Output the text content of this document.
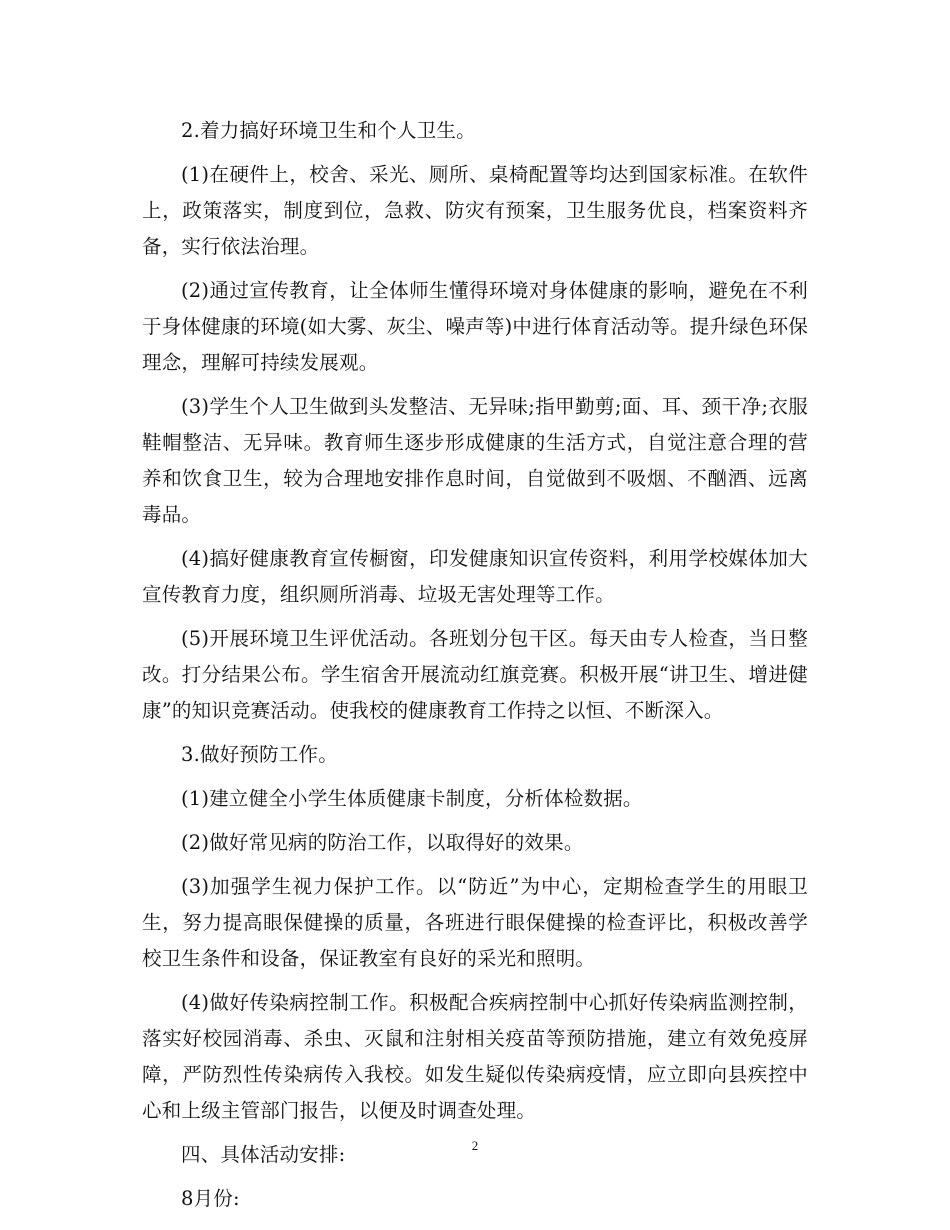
2.着力搞好环境卫生和个人卫生。

(1)在硬件上，校舍、采光、厕所、桌椅配置等均达到国家标准。在软件上，政策落实，制度到位，急救、防灾有预案，卫生服务优良，档案资料齐备，实行依法治理。

(2)通过宣传教育，让全体师生懂得环境对身体健康的影响，避免在不利于身体健康的环境(如大雾、灰尘、噪声等)中进行体育活动等。提升绿色环保理念，理解可持续发展观。

(3)学生个人卫生做到头发整洁、无异味;指甲勤剪;面、耳、颈干净;衣服鞋帽整洁、无异味。教育师生逐步形成健康的生活方式，自觉注意合理的营养和饮食卫生，较为合理地安排作息时间，自觉做到不吸烟、不酗酒、远离毒品。

(4)搞好健康教育宣传橱窗，印发健康知识宣传资料，利用学校媒体加大宣传教育力度，组织厕所消毒、垃圾无害处理等工作。

(5)开展环境卫生评优活动。各班划分包干区。每天由专人检查，当日整改。打分结果公布。学生宿舍开展流动红旗竞赛。积极开展“讲卫生、增进健康”的知识竞赛活动。使我校的健康教育工作持之以恒、不断深入。

3.做好预防工作。

(1)建立健全小学生体质健康卡制度，分析体检数据。

(2)做好常见病的防治工作，以取得好的效果。

(3)加强学生视力保护工作。以“防近”为中心，定期检查学生的用眼卫生，努力提高眼保健操的质量，各班进行眼保健操的检查评比，积极改善学校卫生条件和设备，保证教室有良好的采光和照明。

(4)做好传染病控制工作。积极配合疾病控制中心抓好传染病监测控制，落实好校园消毒、杀虫、灭鼠和注射相关疫苗等预防措施，建立有效免疫屏障，严防烈性传染病传入我校。如发生疑似传染病疫情，应立即向县疾控中心和上级主管部门报告，以便及时调查处理。

四、具体活动安排:

8月份:

2
